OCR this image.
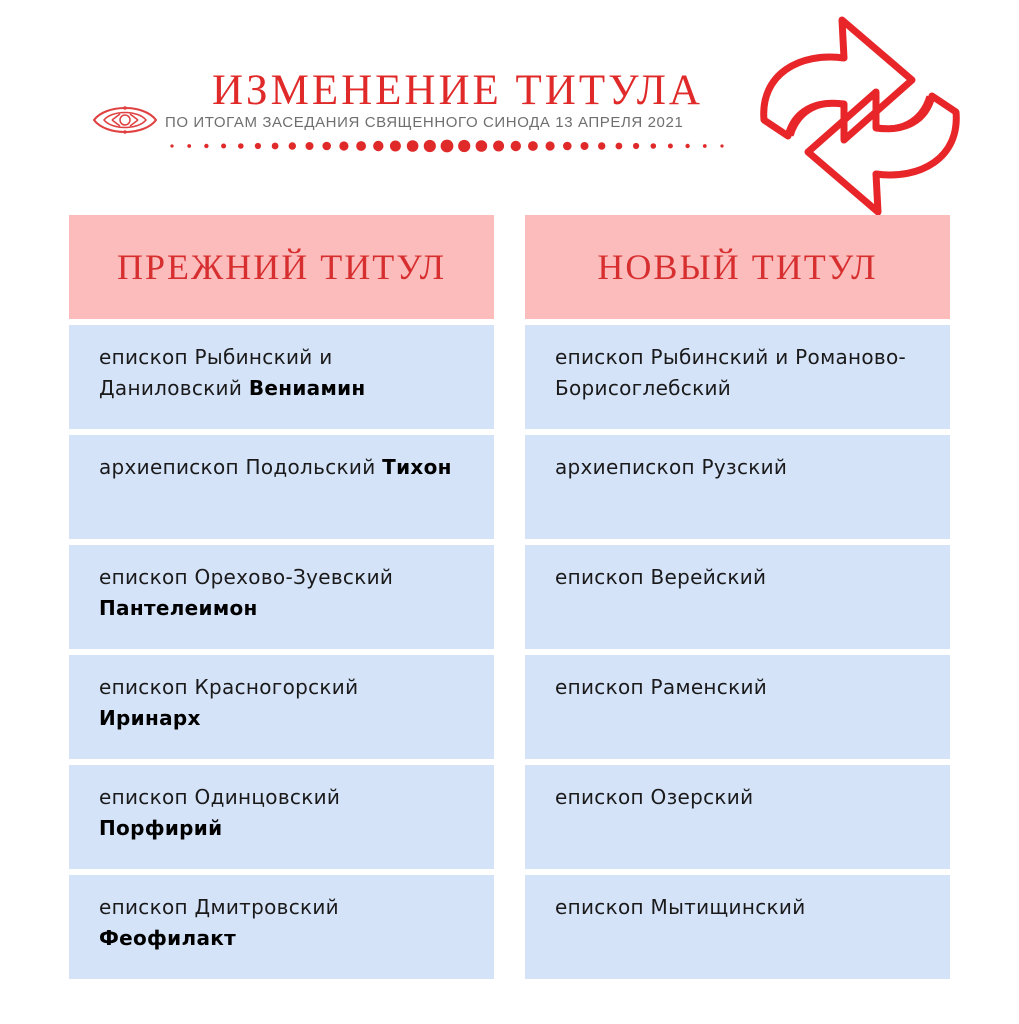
ИЗМЕНЕНИЕ ТИТУЛА
ПО ИТОГАМ ЗАСЕДАНИЯ СВЯЩЕННОГО СИНОДА 13 АПРЕЛЯ 2021
ПРЕЖНИЙ ТИТУЛ
епископ Рыбинский и Даниловский Вениамин
архиепископ Подольский Тихон
епископ Орехово-Зуевский Пантелеимон
епископ Красногорский Иринарх
епископ Одинцовский Порфирий
епископ Дмитровский Феофилакт
НОВЫЙ ТИТУЛ
епископ Рыбинский и Романово-Борисоглебский
архиепископ Рузский
епископ Верейский
епископ Раменский
епископ Озерский
епископ Мытищинский
